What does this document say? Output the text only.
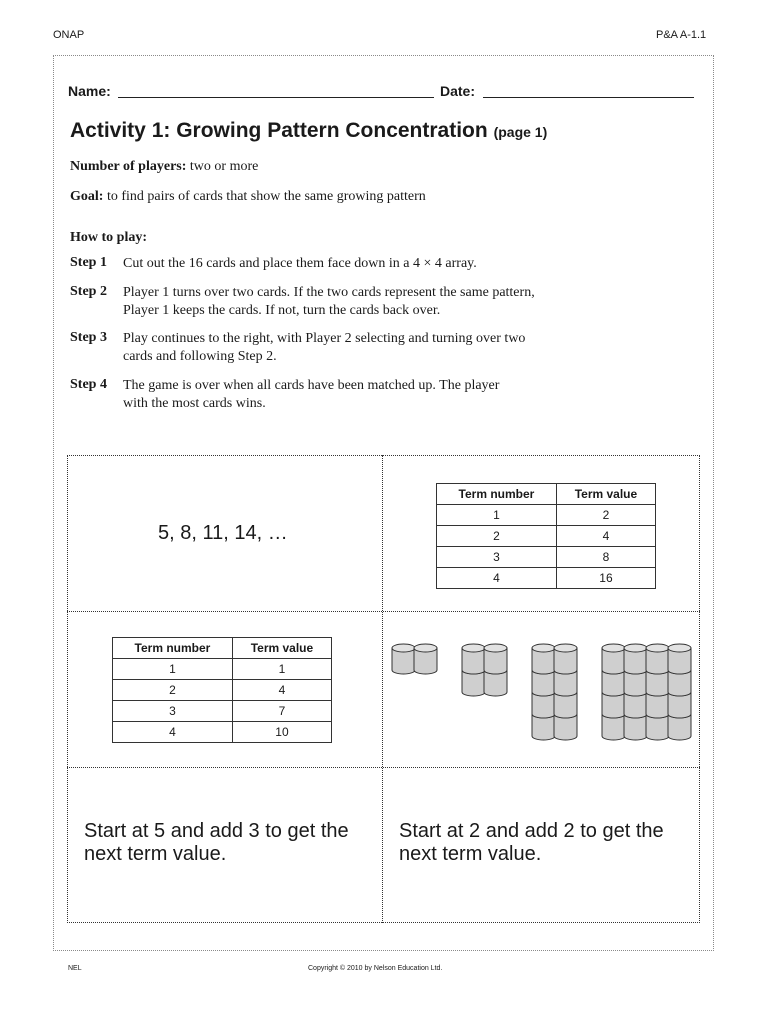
ONAP	P&A A-1.1
Name:	Date:
Activity 1: Growing Pattern Concentration (page 1)
Number of players: two or more
Goal: to find pairs of cards that show the same growing pattern
How to play:
Step 1 Cut out the 16 cards and place them face down in a 4 × 4 array.
Step 2 Player 1 turns over two cards. If the two cards represent the same pattern, Player 1 keeps the cards. If not, turn the cards back over.
Step 3 Play continues to the right, with Player 2 selecting and turning over two cards and following Step 2.
Step 4 The game is over when all cards have been matched up. The player with the most cards wins.
5, 8, 11, 14, …
Term number	Term value
1	2
2	4
3	8
4	16
Term number	Term value
1	1
2	4
3	7
4	10
Start at 5 and add 3 to get the next term value.
Start at 2 and add 2 to get the next term value.
NEL	Copyright © 2010 by Nelson Education Ltd.
